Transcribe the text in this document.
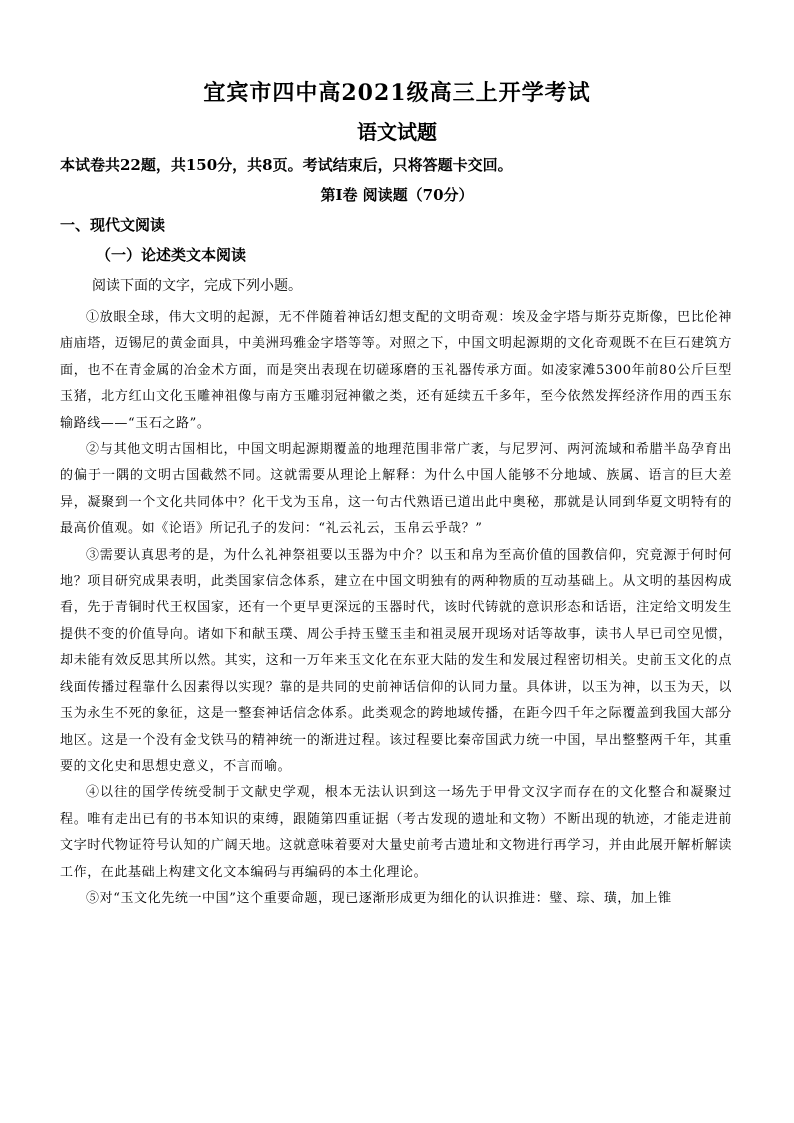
宜宾市四中高2021级高三上开学考试
语文试题
本试卷共22题，共150分，共8页。考试结束后，只将答题卡交回。
第Ⅰ卷 阅读题（70分）
一、现代文阅读
（一）论述类文本阅读
阅读下面的文字，完成下列小题。

①放眼全球，伟大文明的起源，无不伴随着神话幻想支配的文明奇观：埃及金字塔与斯芬克斯像，巴比伦神庙庙塔，迈锡尼的黄金面具，中美洲玛雅金字塔等等。对照之下，中国文明起源期的文化奇观既不在巨石建筑方面，也不在青金属的冶金术方面，而是突出表现在切磋琢磨的玉礼器传承方面。如凌家滩5300年前80公斤巨型玉猪，北方红山文化玉雕神祖像与南方玉雕羽冠神徽之类，还有延续五千多年，至今依然发挥经济作用的西玉东输路线——“玉石之路”。

②与其他文明古国相比，中国文明起源期覆盖的地理范围非常广袤，与尼罗河、两河流域和希腊半岛孕育出的偏于一隅的文明古国截然不同。这就需要从理论上解释：为什么中国人能够不分地域、族属、语言的巨大差异，凝聚到一个文化共同体中？化干戈为玉帛，这一句古代熟语已道出此中奥秘，那就是认同到华夏文明特有的最高价值观。如《论语》所记孔子的发问：“礼云礼云，玉帛云乎哉？”

③需要认真思考的是，为什么礼神祭祖要以玉器为中介？以玉和帛为至高价值的国教信仰，究竟源于何时何地？项目研究成果表明，此类国家信念体系，建立在中国文明独有的两种物质的互动基础上。从文明的基因构成看，先于青铜时代王权国家，还有一个更早更深远的玉器时代，该时代铸就的意识形态和话语，注定给文明发生提供不变的价值导向。诸如下和献玉璞、周公手持玉璧玉圭和祖灵展开现场对话等故事，读书人早已司空见惯，却未能有效反思其所以然。其实，这和一万年来玉文化在东亚大陆的发生和发展过程密切相关。史前玉文化的点线面传播过程靠什么因素得以实现？靠的是共同的史前神话信仰的认同力量。具体讲，以玉为神，以玉为天，以玉为永生不死的象征，这是一整套神话信念体系。此类观念的跨地域传播，在距今四千年之际覆盖到我国大部分地区。这是一个没有金戈铁马的精神统一的渐进过程。该过程要比秦帝国武力统一中国，早出整整两千年，其重要的文化史和思想史意义，不言而喻。

④以往的国学传统受制于文献史学观，根本无法认识到这一场先于甲骨文汉字而存在的文化整合和凝聚过程。唯有走出已有的书本知识的束缚，跟随第四重证据（考古发现的遗址和文物）不断出现的轨迹，才能走进前文字时代物证符号认知的广阔天地。这就意味着要对大量史前考古遗址和文物进行再学习，并由此展开解析解读工作，在此基础上构建文化文本编码与再编码的本土化理论。

⑤对“玉文化先统一中国”这个重要命题，现已逐渐形成更为细化的认识推进：璧、琮、璜，加上锥
